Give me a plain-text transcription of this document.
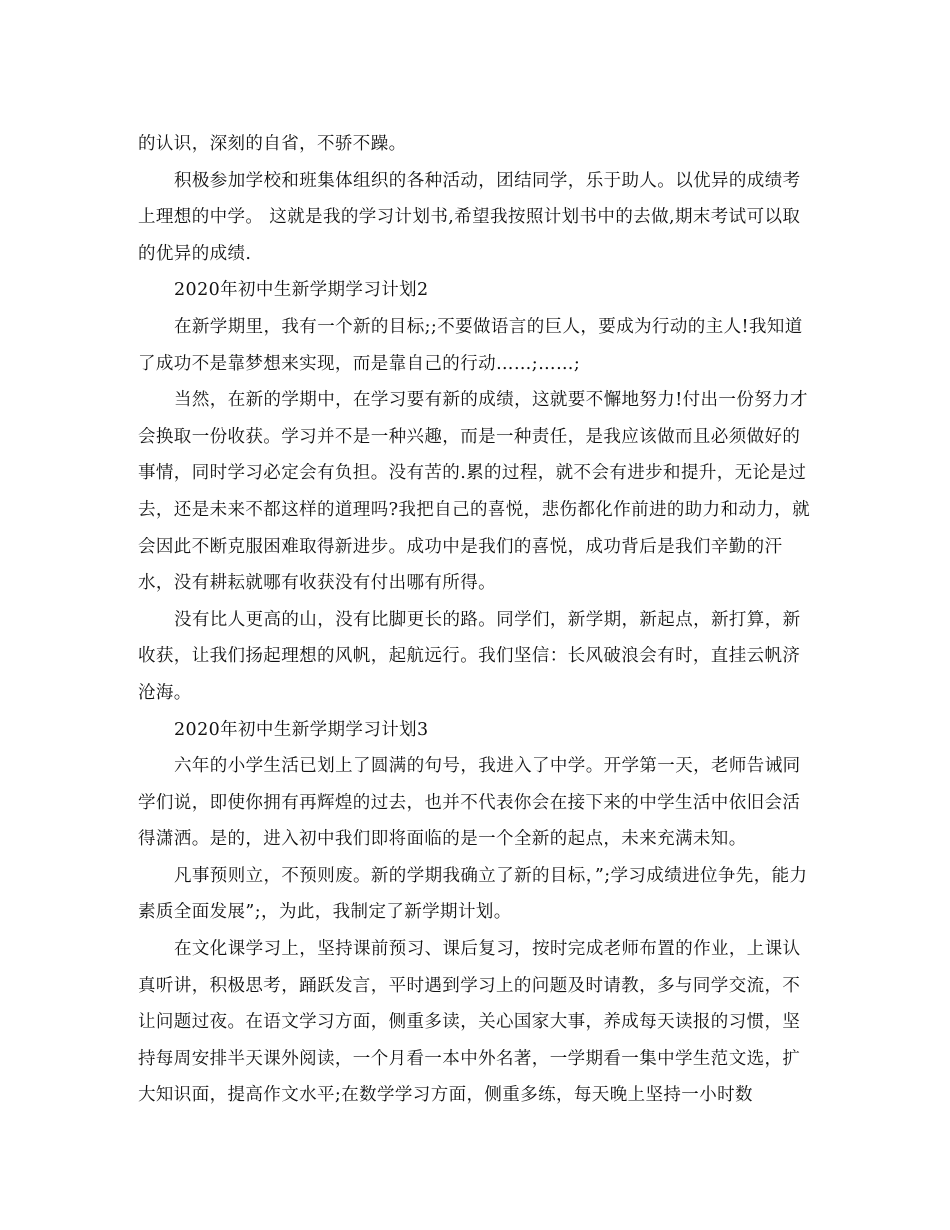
的认识，深刻的自省，不骄不躁。

积极参加学校和班集体组织的各种活动，团结同学，乐于助人。以优异的成绩考上理想的中学。 这就是我的学习计划书,希望我按照计划书中的去做,期末考试可以取的优异的成绩.

2020年初中生新学期学习计划2

在新学期里，我有一个新的目标;;不要做语言的巨人，要成为行动的主人!我知道了成功不是靠梦想来实现，而是靠自己的行动……;……;

当然，在新的学期中，在学习要有新的成绩，这就要不懈地努力!付出一份努力才会换取一份收获。学习并不是一种兴趣，而是一种责任，是我应该做而且必须做好的事情，同时学习必定会有负担。没有苦的.累的过程，就不会有进步和提升，无论是过去，还是未来不都这样的道理吗?我把自己的喜悦，悲伤都化作前进的助力和动力，就会因此不断克服困难取得新进步。成功中是我们的喜悦，成功背后是我们辛勤的汗水，没有耕耘就哪有收获没有付出哪有所得。

没有比人更高的山，没有比脚更长的路。同学们，新学期，新起点，新打算，新收获，让我们扬起理想的风帆，起航远行。我们坚信：长风破浪会有时，直挂云帆济沧海。

2020年初中生新学期学习计划3

六年的小学生活已划上了圆满的句号，我进入了中学。开学第一天，老师告诫同学们说，即使你拥有再辉煌的过去，也并不代表你会在接下来的中学生活中依旧会活得潇洒。是的，进入初中我们即将面临的是一个全新的起点，未来充满未知。

凡事预则立，不预则废。新的学期我确立了新的目标，”;学习成绩进位争先，能力素质全面发展”;，为此，我制定了新学期计划。

在文化课学习上，坚持课前预习、课后复习，按时完成老师布置的作业，上课认真听讲，积极思考，踊跃发言，平时遇到学习上的问题及时请教，多与同学交流，不让问题过夜。在语文学习方面，侧重多读，关心国家大事，养成每天读报的习惯，坚持每周安排半天课外阅读，一个月看一本中外名著，一学期看一集中学生范文选，扩大知识面，提高作文水平;在数学学习方面，侧重多练，每天晚上坚持一小时数
